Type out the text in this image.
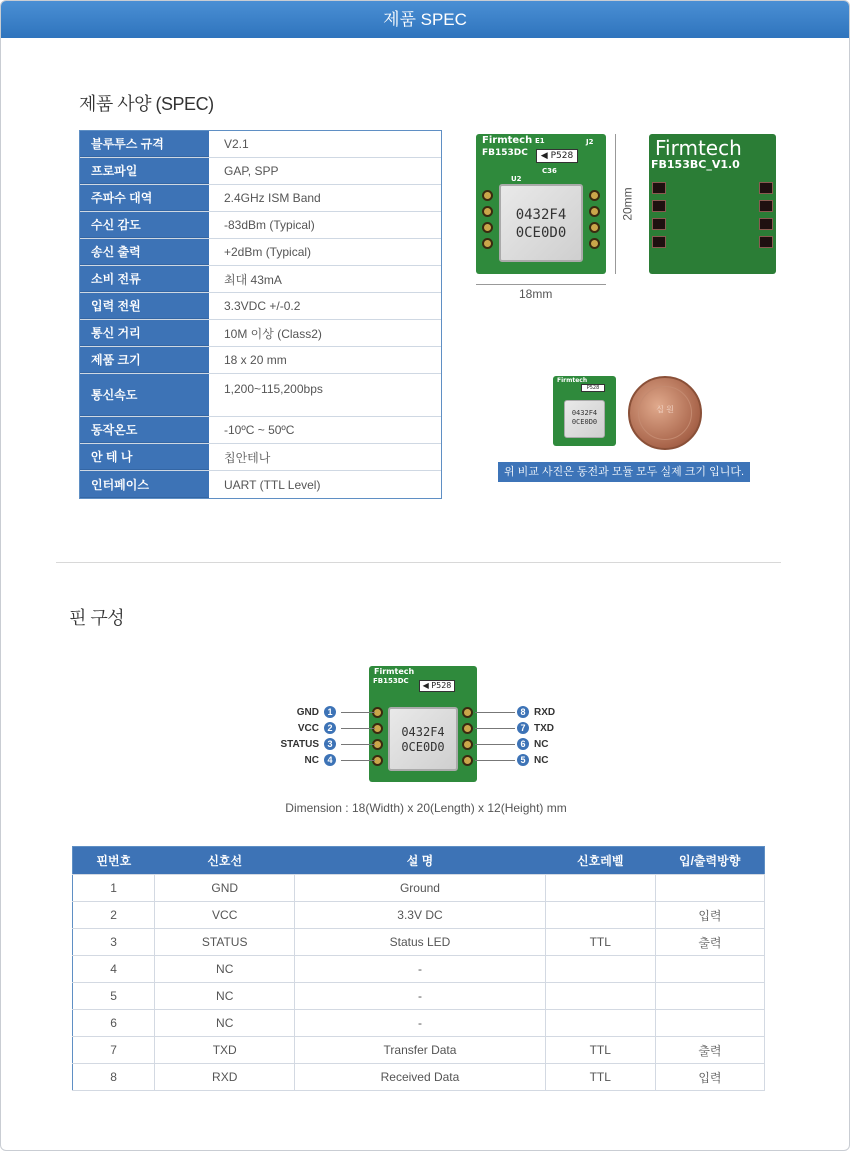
제품 SPEC
제품 사양 (SPEC)
블루투스 규격	V2.1
프로파일	GAP, SPP
주파수 대역	2.4GHz ISM Band
수신 감도	-83dBm (Typical)
송신 출력	+2dBm (Typical)
소비 전류	최대 43mA
입력 전원	3.3VDC +/-0.2
통신 거리	10M 이상 (Class2)
제품 크기	18 x 20 mm
통신속도	1,200~115,200bps
동작온도	-10ºC ~ 50ºC
안 테 나	칩안테나
인터페이스	UART (TTL Level)
Firmtech
FB153DC
E1
U2
J2
C36
◀ P528
0432F4
0CE0D0
18mm
20mm
Firmtech
FB153BC_V1.0
Firmtech
P528
0432F4
0CE0D0
십 원
위 비교 사진은 동전과 모듈 모두 실제 크기 입니다.
핀 구성
Firmtech
FB153DC	◀ P528
0432F4
0CE0D0
GND 1
VCC 2
STATUS 3
NC 4
8 RXD
7 TXD
6 NC
5 NC
Dimension : 18(Width) x 20(Length) x 12(Height) mm
핀번호	신호선	설 명	신호레벨	입/출력방향
1	GND	Ground		
2	VCC	3.3V DC		입력
3	STATUS	Status LED	TTL	출력
4	NC	-		
5	NC	-		
6	NC	-		
7	TXD	Transfer Data	TTL	출력
8	RXD	Received Data	TTL	입력
